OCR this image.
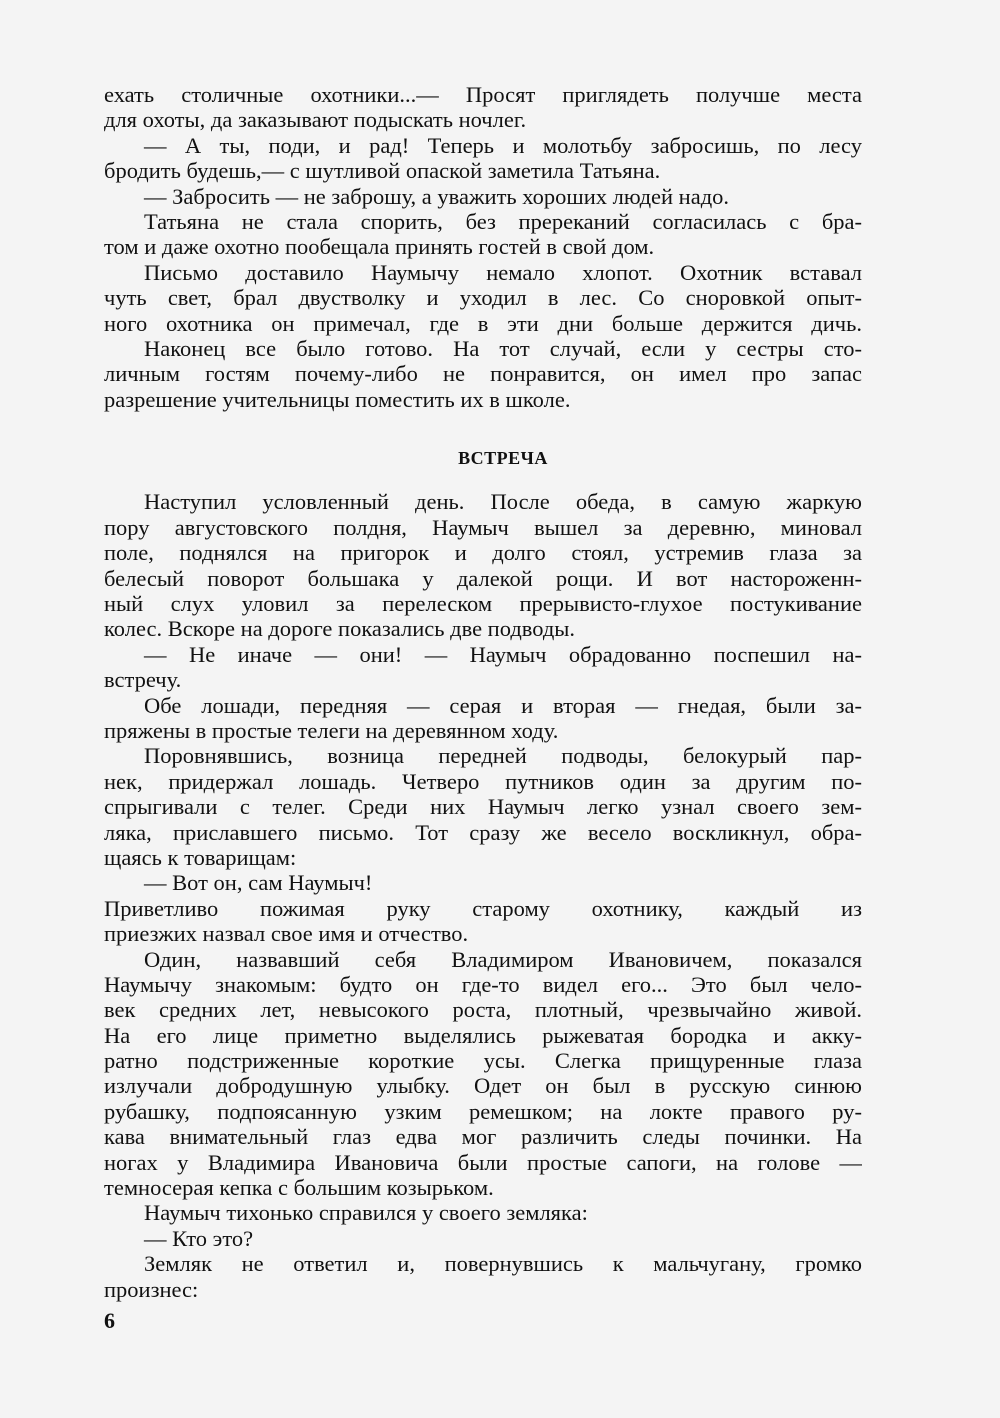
ехать столичные охотники...— Просят приглядеть получше места
для охоты, да заказывают подыскать ночлег.
— А ты, поди, и рад! Теперь и молотьбу забросишь, по лесу
бродить будешь,— с шутливой опаской заметила Татьяна.
— Забросить — не заброшу, а уважить хороших людей надо.
Татьяна не стала спорить, без пререканий согласилась с бра-
том и даже охотно пообещала принять гостей в свой дом.
Письмо доставило Наумычу немало хлопот. Охотник вставал
чуть свет, брал двустволку и уходил в лес. Со сноровкой опыт-
ного охотника он примечал, где в эти дни больше держится дичь.
Наконец все было готово. На тот случай, если у сестры сто-
личным гостям почему-либо не понравится, он имел про запас
разрешение учительницы поместить их в школе.
ВСТРЕЧА
Наступил условленный день. После обеда, в самую жаркую
пору августовского полдня, Наумыч вышел за деревню, миновал
поле, поднялся на пригорок и долго стоял, устремив глаза за
белесый поворот большака у далекой рощи. И вот настороженн-
ный слух уловил за перелеском прерывисто-глухое постукивание
колес. Вскоре на дороге показались две подводы.
— Не иначе — они! — Наумыч обрадованно поспешил на-
встречу.
Обе лошади, передняя — серая и вторая — гнедая, были за-
пряжены в простые телеги на деревянном ходу.
Поровнявшись, возница передней подводы, белокурый пар-
нек, придержал лошадь. Четверо путников один за другим по-
спрыгивали с телег. Среди них Наумыч легко узнал своего зем-
ляка, приславшего письмо. Тот сразу же весело воскликнул, обра-
щаясь к товарищам:
— Вот он, сам Наумыч!
Приветливо пожимая руку старому охотнику, каждый из
приезжих назвал свое имя и отчество.
Один, назвавший себя Владимиром Ивановичем, показался
Наумычу знакомым: будто он где-то видел его... Это был чело-
век средних лет, невысокого роста, плотный, чрезвычайно живой.
На его лице приметно выделялись рыжеватая бородка и акку-
ратно подстриженные короткие усы. Слегка прищуренные глаза
излучали добродушную улыбку. Одет он был в русскую синюю
рубашку, подпоясанную узким ремешком; на локте правого ру-
кава внимательный глаз едва мог различить следы починки. На
ногах у Владимира Ивановича были простые сапоги, на голове —
темносерая кепка с большим козырьком.
Наумыч тихонько справился у своего земляка:
— Кто это?
Земляк не ответил и, повернувшись к мальчугану, громко
произнес:
6
